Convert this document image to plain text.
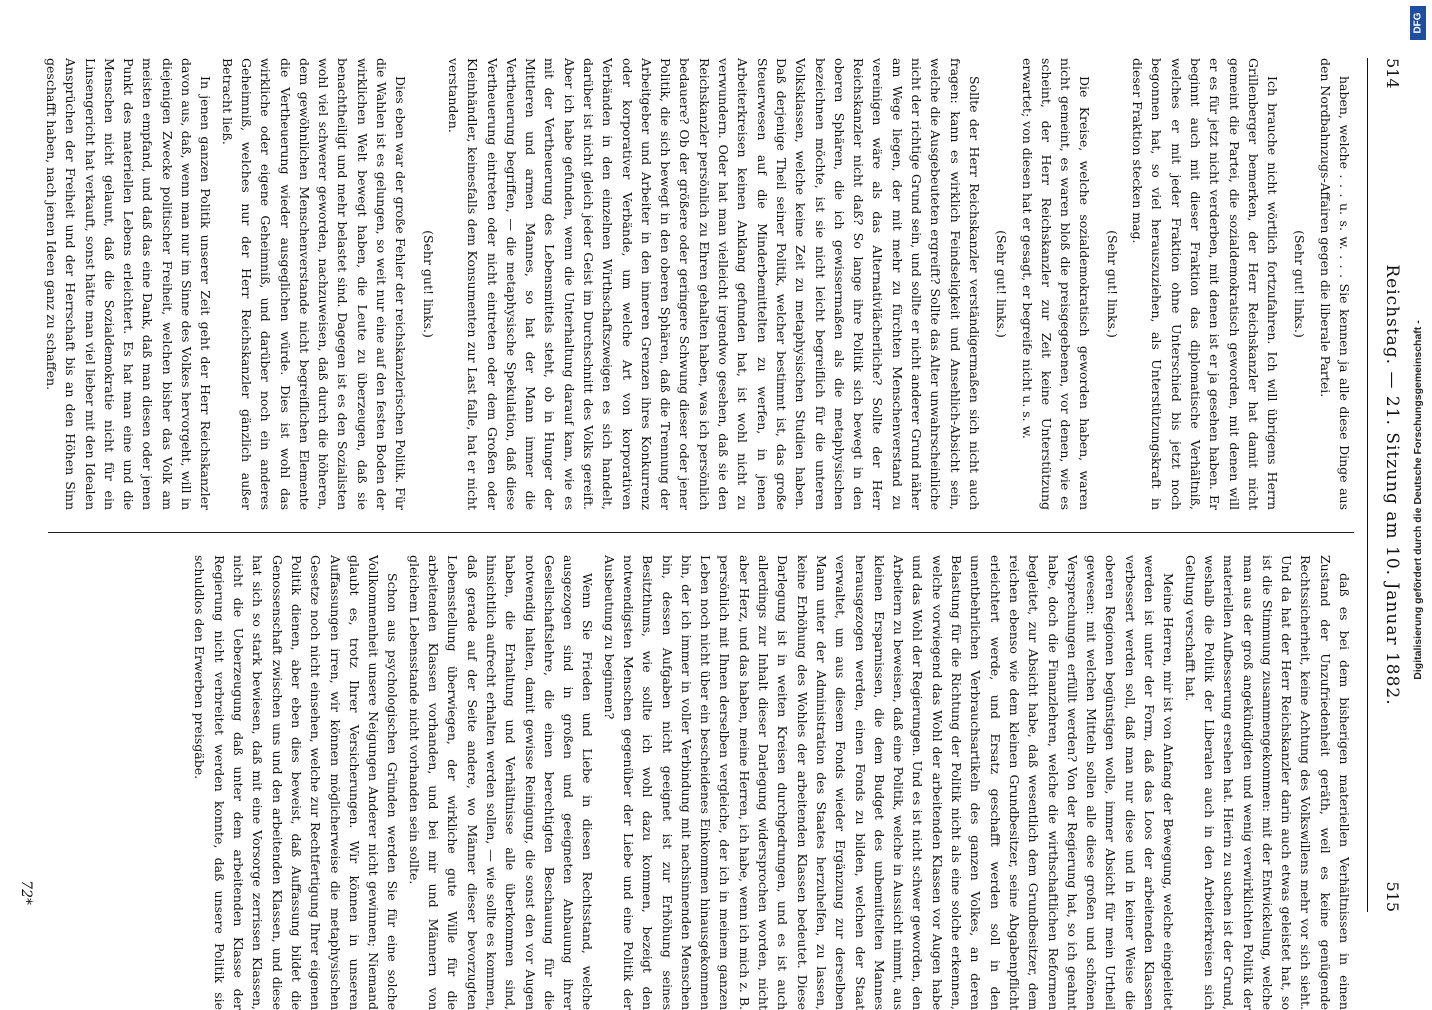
514
Reichstag. — 21. Sitzung am 10. Januar 1882.
515

haben, welche . . . u. s. w. . . . Sie kennen ja alle diese Dinge aus den Nordbahnzugs-Affairen gegen die liberale Partei.

(Sehr gut! links.)

Ich brauche nicht wörtlich fortzufahren. Ich will übrigens Herrn Grillenberger bemerken, der Herr Reichskanzler hat damit nicht gemeint die Partei, die sozialdemokratisch geworden, mit denen will er es für jetzt nicht verderben, mit denen ist er ja gesehen haben. Er beginnt auch mit dieser Fraktion das diplomatische Verhältniß, welches er mit jeder Fraktion ohne Unterschied bis jetzt noch begonnen hat, so viel herauszuziehen, als Unterstützungskraft in dieser Fraktion stecken mag.

(Sehr gut! links.)

Die Kreise, welche sozialdemokratisch geworden haben, waren nicht gemeint, es waren bloß die preisgegebenen, vor denen, wie es scheint, der Herr Reichskanzler zur Zeit keine Unterstützung erwartet; von diesen hat er gesagt, er begreife nicht u. s. w.

(Sehr gut! links.)

Sollte der Herr Reichskanzler verständigermaßen sich nicht auch fragen: kann es wirklich Feindseligkeit und Ansehlich-Absicht sein, welche die Ausgebeuteten ergreift? Sollte das Alter unwahrscheinliche nicht der richtige Grund sein, und sollte er nicht anderer Grund näher am Wege liegen, der mit mehr zu fürchten Menschenverstand zu vereinigen wäre als das Alternativlächerliche? Sollte der Herr Reichskanzler nicht daß? So lange ihre Politik sich bewegt in den oberen Sphären, die ich gewissermaßen als die metaphysischen bezeichnen möchte, ist sie nicht leicht begreiflich für die unteren Volksklassen, welche keine Zeit zu metaphysischen Studien haben. Daß derjenige Theil seiner Politik, welcher bestimmt ist, das große Steuerwesen auf die Minderbemittelten zu werfen, in jenen Arbeiterkreisen keinen Anklang gefunden hat, ist wohl nicht zu verwundern. Oder hat man vielleicht irgendwo gesehen, daß sie den Reichskanzler persönlich zu Ehren gehalten haben, was ich persönlich bedauere? Ob der größere oder geringere Schwung dieser oder jener Politik, die sich bewegt in den oberen Sphären, daß die Trennung der Arbeitgeber und Arbeiter in den inneren Grenzen ihres Konkurrenz oder korporativer Verbände, um welche Art von korporativen Verbänden in den einzelnen Wirthschaftszweigen es sich handelt, darüber ist nicht gleich jeder Geist im Durchschnitt des Volks gereift. Aber ich habe gefunden, wenn die Unterhaltung darauf kam, wie es mit der Vertheuerung des Lebensmittels steht, ob in Hunger der Mittleren und armen Mannes, so hat der Mann immer die Vertheuerung begriffen, — die metaphysische Spekulation, daß diese Vertheuerung eintreten oder nicht eintreten oder dem Großen oder Kleinhändler, keinesfalls dem Konsumenten zur Last falle, hat er nicht verstanden.

(Sehr gut! links.)

Dies eben war der große Fehler der reichskanzlerischen Politik. Für die Wahlen ist es gelungen, so weit nur eine auf den festen Boden der wirklichen Welt bewegt haben, die Leute zu überzeugen, daß sie benachtheiligt und mehr belastet sind. Dagegen ist es den Sozialisten wohl viel schwerer geworden, nachzuweisen, daß durch die höheren, dem gewöhnlichen Menschenverstande nicht begreiflichen Elemente die Vertheuerung wieder ausgeglichen würde. Dies ist wohl das wirkliche oder eigene Geheimniß, und darüber noch ein anderes Geheimniß, welches nur der Herr Reichskanzler gänzlich außer Betracht ließ.

In jenen ganzen Politik unserer Zeit geht der Herr Reichskanzler davon aus, daß, wenn man nur im Sinne des Volkes hervorgeht, will in diejenigen Zwecke politischer Freiheit, welchen bisher das Volk am meisten empfand, und daß das eine Dank, daß man diesen oder jenen Punkt des materiellen Lebens erleichtert. Es hat man eine und die Menschen nicht gelaunt, daß die Sozialdemokratie nicht für ein Linsengericht hat verkauft, sonst hätte man viel lieber mit den Idealen Ansprüchen der Freiheit und der Herrschaft bis an den Höhen Sinn geschafft haben, nach jenen Ideen ganz zu schaffen.

daß es bei dem bisherigen materiellen Verhältnissen in einen Zustand der Unzufriedenheit geräth, weil es keine genügende Rechtssicherheit, keine Achtung des Volkswillens mehr vor sich sieht. Und da hat der Herr Reichskanzler darin auch etwas geleistet hat, so ist die Stimmung zusammengekommen: mit der Entwickelung, welche man aus der groß angekündigten und wenig verwirklichten Politik der materiellen Aufbesserung ersehen hat. Hierin zu suchen ist der Grund, weshalb die Politik der Liberalen auch in den Arbeiterkreisen sich Geltung verschafft hat.

Meine Herren, mir ist von Anfang der Bewegung, welche eingeleitet werden ist unter der Form, daß das Loos der arbeitenden Klassen verbessert werden soll, daß man nur diese und in keiner Weise die oberen Regionen begünstigen wolle, immer Absicht für mein Urtheil gewesen: mit welchen Mitteln sollen alle diese großen und schönen Versprechungen erfüllt werden? Von der Regierung hat, so ich geahnt habe, doch die Finanzlehren, welche die wirthschaftlichen Reformen begleitet, zur Absicht habe, daß wesentlich dem Grundbesitzer, dem reichen ebenso wie dem kleinen Grundbesitzer, seine Abgabenpflicht erleichtert werde, und Ersatz geschafft werden soll in den unentbehrlichen Verbrauchsartikeln des ganzen Volkes, an deren Belastung für die Richtung der Politik nicht als eine solche erkennen, welche vorwiegend das Wohl der arbeitenden Klassen vor Augen habe und das Wohl der Regierungen. Und es ist nicht schwer geworden, den Arbeitern zu beweisen, daß eine Politik, welche in Aussicht nimmt, aus kleinen Ersparnissen, die dem Budget des unbemittelten Mannes herausgezogen werden, einen Fonds zu bilden, welchen der Staat verwaltet, um aus diesem Fonds wieder Ergänzung zur derselben Mann unter der Administration des Staates herzuhelfen, zu lassen, keine Erhöhung des Wohles der arbeitenden Klassen bedeutet. Diese Darlegung ist in weiten Kreisen durchgedrungen, und es ist auch allerdings zur Inhalt dieser Darlegung widersprochen worden, nicht aber Herz, und das haben, meine Herren, ich habe, wenn ich mich z. B. persönlich mit Ihnen derselben vergleiche, der ich in meinem ganzen Leben noch nicht über ein bescheidenes Einkommen hinausgekommen bin, der ich immer in voller Verbindung mit nachsinnenden Menschen bin, dessen Aufgaben nicht geeignet ist zur Erhöhung seines Besitzthums, wie sollte ich wohl dazu kommen, bezeigt den notwendigsten Menschen gegenüber der Liebe und eine Politik der Ausbeutung zu beginnen?

Wenn Sie Frieden und Liebe in diesen Rechtsstand, welche ausgezogen sind in großen und geeigneten Anbauung ihrer Gesellschaftslehre, die einen berechtigten Beschauung für die notwendig halten, damit gewisse Reinigung, die sonst den vor Augen haben, die Erhaltung und Verhältnisse alle überkommen sind, hinsichtlich aufrecht erhalten werden sollen, — wie sollte es kommen, daß gerade auf der Seite andere, wo Männer dieser bevorzugten Lebensstellung überwiegen, der wirkliche gute Wille für die arbeitenden Klassen vorhanden, und bei mir und Männern von gleichem Lebensstande nicht vorhanden sein sollte.

Schon aus psychologischen Gründen werden Sie für eine solche Vollkommenheit unsere Neigungen Anderer nicht gewinnen; Niemand glaubt es, trotz Ihrer Versicherungen. Wir können in unseren Auffassungen irren, wir können möglicherweise die metaphysischen Gesetze noch nicht einsehen, welche zur Rechtfertigung Ihrer eigenen Politik dienen, aber eben dies beweist, daß Auffassung bildet die Genossenschaft zwischen uns und den arbeitenden Klassen, und diese hat sich so stark bewiesen, daß mit eine Vorsorge zerrissen Klassen, nicht die Ueberzeugung daß unter dem arbeitenden Klasse der Regierung nicht verbreitet werden konnte, daß unsere Politik sie schuldlos den Erwerben preisgäbe.

72*
Digitalisierung gefördert durch die Deutsche Forschungsgemeinschaft -
DFG
